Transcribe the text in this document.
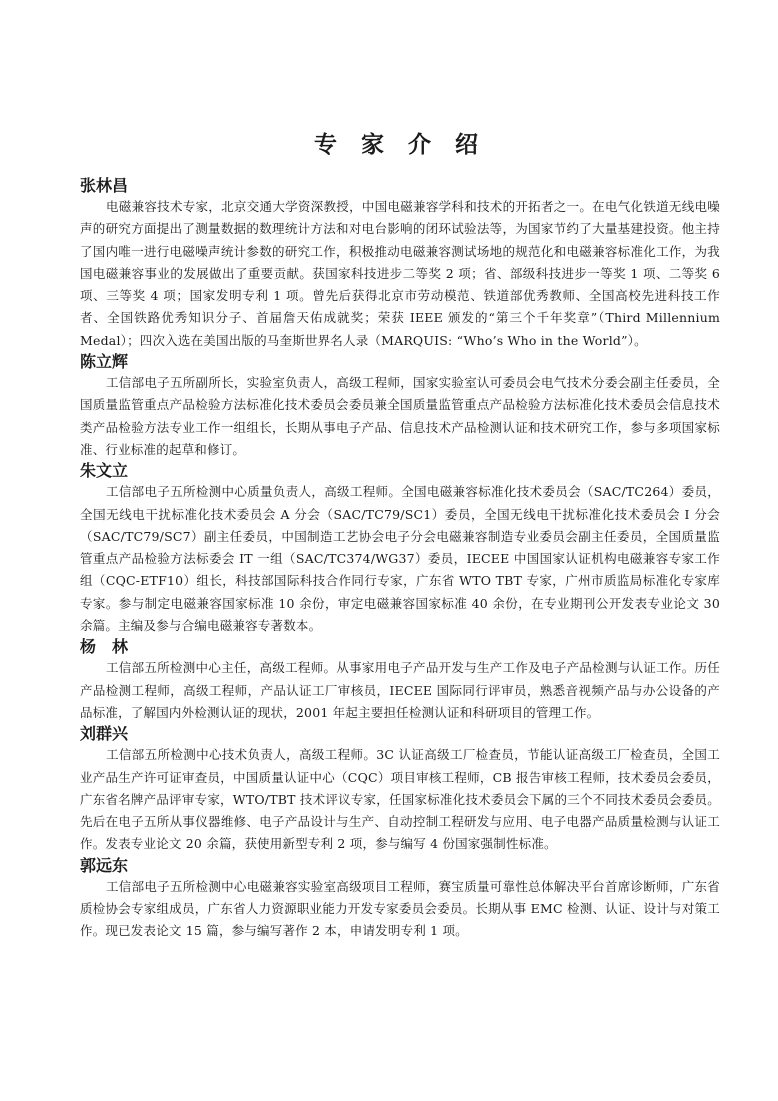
专 家 介 绍
张林昌

电磁兼容技术专家，北京交通大学资深教授，中国电磁兼容学科和技术的开拓者之一。在电气化铁道无线电噪声的研究方面提出了测量数据的数理统计方法和对电台影响的闭环试验法等，为国家节约了大量基建投资。他主持了国内唯一进行电磁噪声统计参数的研究工作，积极推动电磁兼容测试场地的规范化和电磁兼容标准化工作，为我国电磁兼容事业的发展做出了重要贡献。获国家科技进步二等奖 2 项；省、部级科技进步一等奖 1 项、二等奖 6 项、三等奖 4 项；国家发明专利 1 项。曾先后获得北京市劳动模范、铁道部优秀教师、全国高校先进科技工作者、全国铁路优秀知识分子、首届詹天佑成就奖；荣获 IEEE 颁发的“第三个千年奖章”（Third Millennium Medal）；四次入选在美国出版的马奎斯世界名人录（MARQUIS: “Who’s Who in the World”）。

陈立辉

工信部电子五所副所长，实验室负责人，高级工程师，国家实验室认可委员会电气技术分委会副主任委员，全国质量监管重点产品检验方法标准化技术委员会委员兼全国质量监管重点产品检验方法标准化技术委员会信息技术类产品检验方法专业工作一组组长，长期从事电子产品、信息技术产品检测认证和技术研究工作，参与多项国家标准、行业标准的起草和修订。

朱文立

工信部电子五所检测中心质量负责人，高级工程师。全国电磁兼容标准化技术委员会（SAC/TC264）委员，全国无线电干扰标准化技术委员会 A 分会（SAC/TC79/SC1）委员，全国无线电干扰标准化技术委员会 I 分会（SAC/TC79/SC7）副主任委员，中国制造工艺协会电子分会电磁兼容制造专业委员会副主任委员，全国质量监管重点产品检验方法标委会 IT 一组（SAC/TC374/WG37）委员，IECEE 中国国家认证机构电磁兼容专家工作组（CQC-ETF10）组长，科技部国际科技合作同行专家，广东省 WTO TBT 专家，广州市质监局标准化专家库专家。参与制定电磁兼容国家标准 10 余份，审定电磁兼容国家标准 40 余份，在专业期刊公开发表专业论文 30 余篇。主编及参与合编电磁兼容专著数本。

杨　林

工信部五所检测中心主任，高级工程师。从事家用电子产品开发与生产工作及电子产品检测与认证工作。历任产品检测工程师，高级工程师，产品认证工厂审核员，IECEE 国际同行评审员，熟悉音视频产品与办公设备的产品标准，了解国内外检测认证的现状，2001 年起主要担任检测认证和科研项目的管理工作。

刘群兴

工信部五所检测中心技术负责人，高级工程师。3C 认证高级工厂检查员，节能认证高级工厂检查员，全国工业产品生产许可证审查员，中国质量认证中心（CQC）项目审核工程师，CB 报告审核工程师，技术委员会委员，广东省名牌产品评审专家，WTO/TBT 技术评议专家，任国家标准化技术委员会下属的三个不同技术委员会委员。先后在电子五所从事仪器维修、电子产品设计与生产、自动控制工程研发与应用、电子电器产品质量检测与认证工作。发表专业论文 20 余篇，获使用新型专利 2 项，参与编写 4 份国家强制性标准。

郭远东

工信部电子五所检测中心电磁兼容实验室高级项目工程师，赛宝质量可靠性总体解决平台首席诊断师，广东省质检协会专家组成员，广东省人力资源职业能力开发专家委员会委员。长期从事 EMC 检测、认证、设计与对策工作。现已发表论文 15 篇，参与编写著作 2 本，申请发明专利 1 项。
